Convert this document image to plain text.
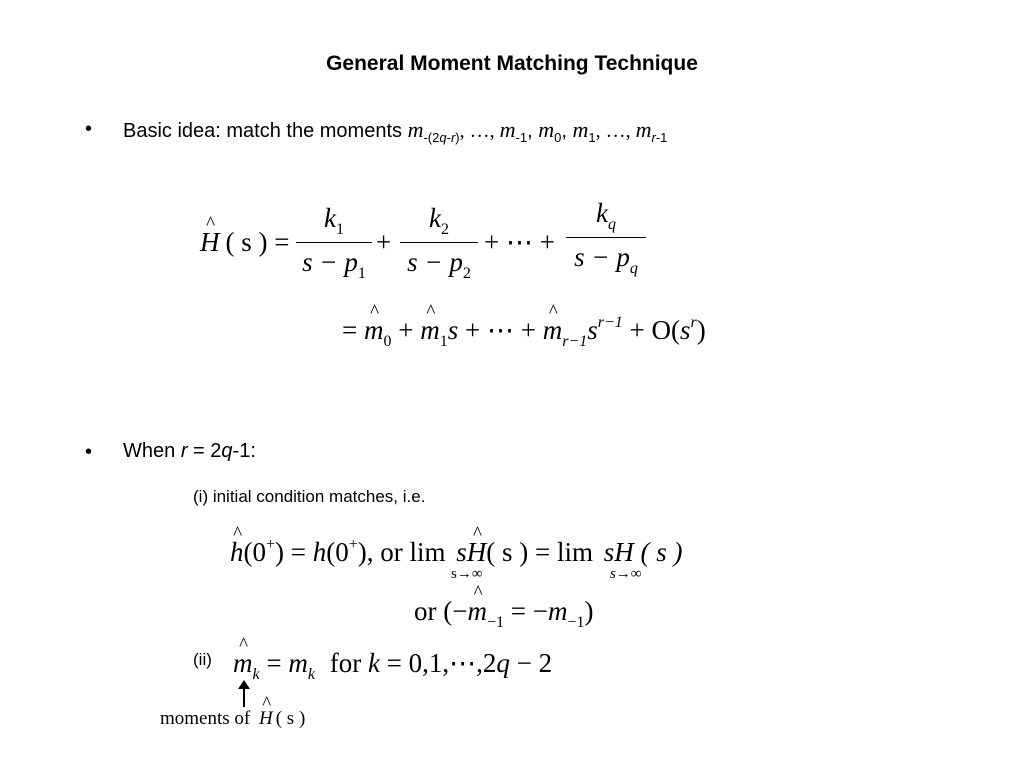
General Moment Matching Technique
• Basic idea: match the moments $m_{-(2q-r)}$, …, $m_{-1}$, $m_0$, $m_1$, …, $m_{r-1}$
^ H ( s ) =
$k_1$
$s - p_1$
+
$k_2$
$s - p_2$
+ ⋯ +
$k_q$
$s - p_q$
= ^ $m_0$ + ^ $m_1s$ + ⋯ + ^ $m_{r-1}s^{r-1} + O(s^r)$
• When r = 2q-1:
(i) initial condition matches, i.e.
^ h(0+) = h(0+), or lim s^ H( s ) = lim sH ( s )
s→∞	s→∞
or (−^ $m_{-1} = -m_{-1}$)
(ii) ^ $m_k = m_k$ for k = 0,1,⋯,2q − 2
moments of ^ H ( s )
